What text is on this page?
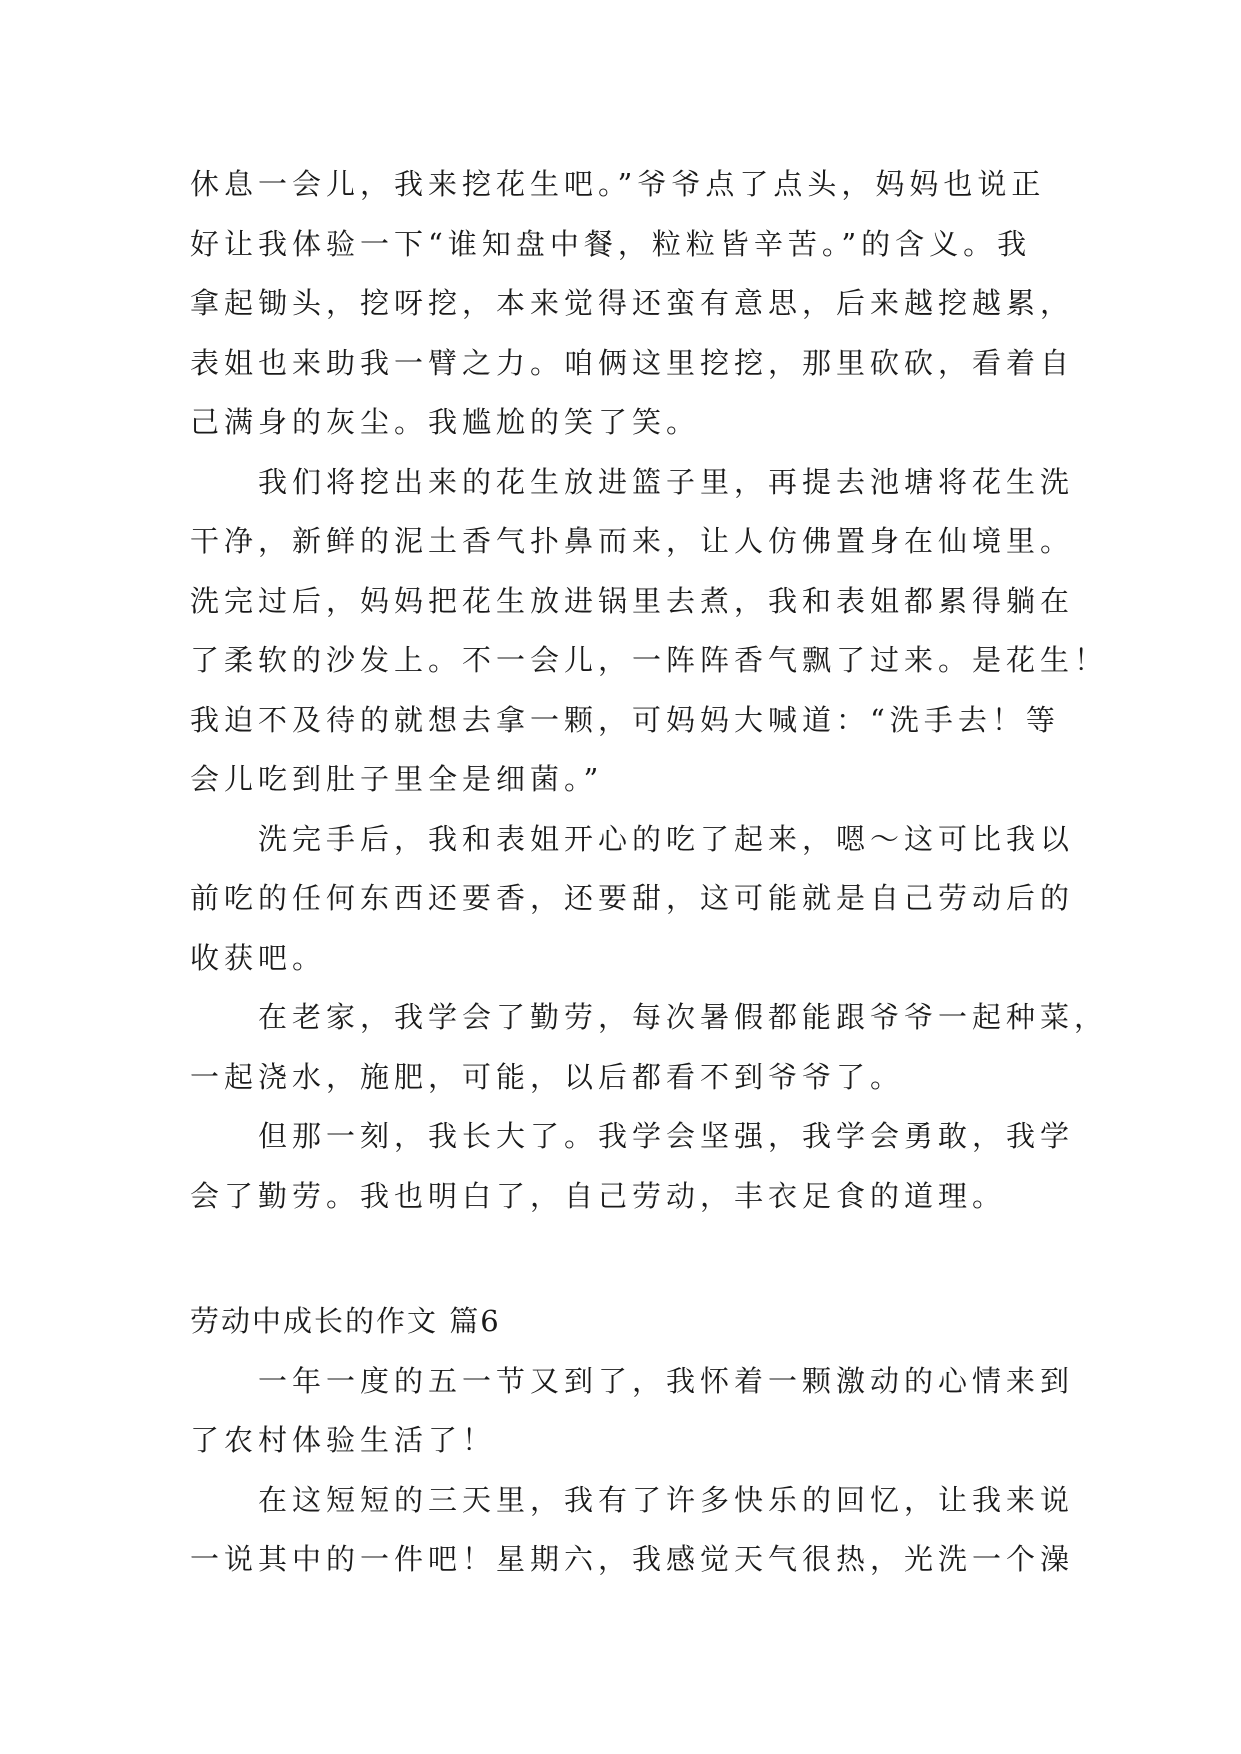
休息一会儿，我来挖花生吧。”爷爷点了点头，妈妈也说正
好让我体验一下“谁知盘中餐，粒粒皆辛苦。”的含义。我
拿起锄头，挖呀挖，本来觉得还蛮有意思，后来越挖越累，
表姐也来助我一臂之力。咱俩这里挖挖，那里砍砍，看着自
己满身的灰尘。我尴尬的笑了笑。
我们将挖出来的花生放进篮子里，再提去池塘将花生洗
干净，新鲜的泥土香气扑鼻而来，让人仿佛置身在仙境里。
洗完过后，妈妈把花生放进锅里去煮，我和表姐都累得躺在
了柔软的沙发上。不一会儿，一阵阵香气飘了过来。是花生！
我迫不及待的就想去拿一颗，可妈妈大喊道：“洗手去！等
会儿吃到肚子里全是细菌。”
洗完手后，我和表姐开心的吃了起来，嗯～这可比我以
前吃的任何东西还要香，还要甜，这可能就是自己劳动后的
收获吧。
在老家，我学会了勤劳，每次暑假都能跟爷爷一起种菜，
一起浇水，施肥，可能，以后都看不到爷爷了。
但那一刻，我长大了。我学会坚强，我学会勇敢，我学
会了勤劳。我也明白了，自己劳动，丰衣足食的道理。
劳动中成长的作文 篇6
一年一度的五一节又到了，我怀着一颗激动的心情来到
了农村体验生活了！
在这短短的三天里，我有了许多快乐的回忆，让我来说
一说其中的一件吧！星期六，我感觉天气很热，光洗一个澡
